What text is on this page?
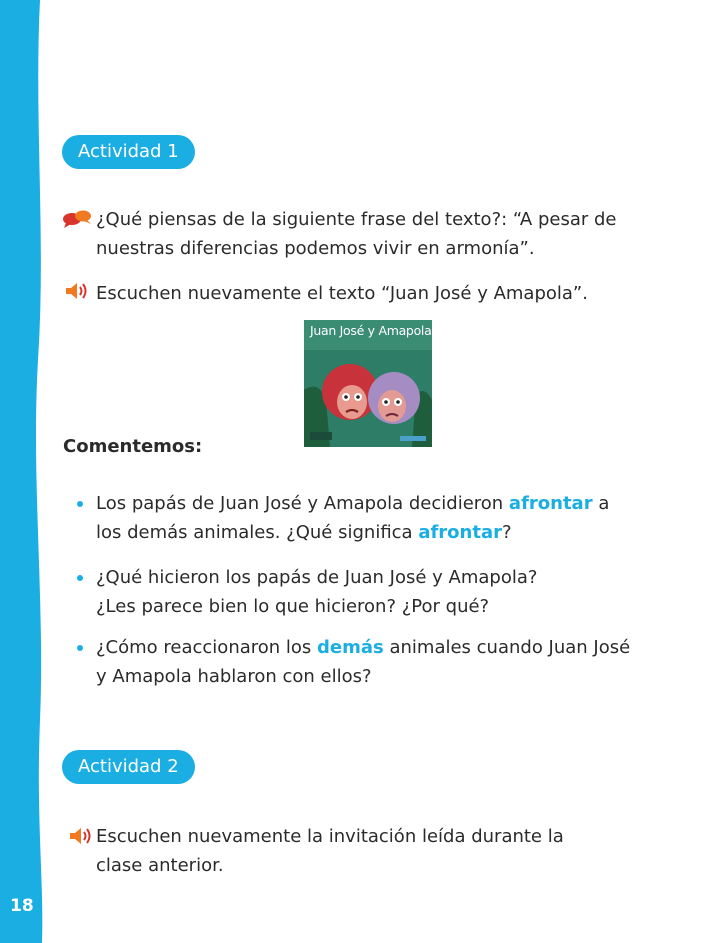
18
Actividad 1

¿Qué piensas de la siguiente frase del texto?: “A pesar de

nuestras diferencias podemos vivir en armonía”.

Escuchen nuevamente el texto “Juan José y Amapola”.

Juan José y Amapola
Comentemos:

Los papás de Juan José y Amapola decidieron afrontar a

los demás animales. ¿Qué significa afrontar?

¿Qué hicieron los papás de Juan José y Amapola?

¿Les parece bien lo que hicieron? ¿Por qué?

¿Cómo reaccionaron los demás animales cuando Juan José

y Amapola hablaron con ellos?

Actividad 2

Escuchen nuevamente la invitación leída durante la

clase anterior.
